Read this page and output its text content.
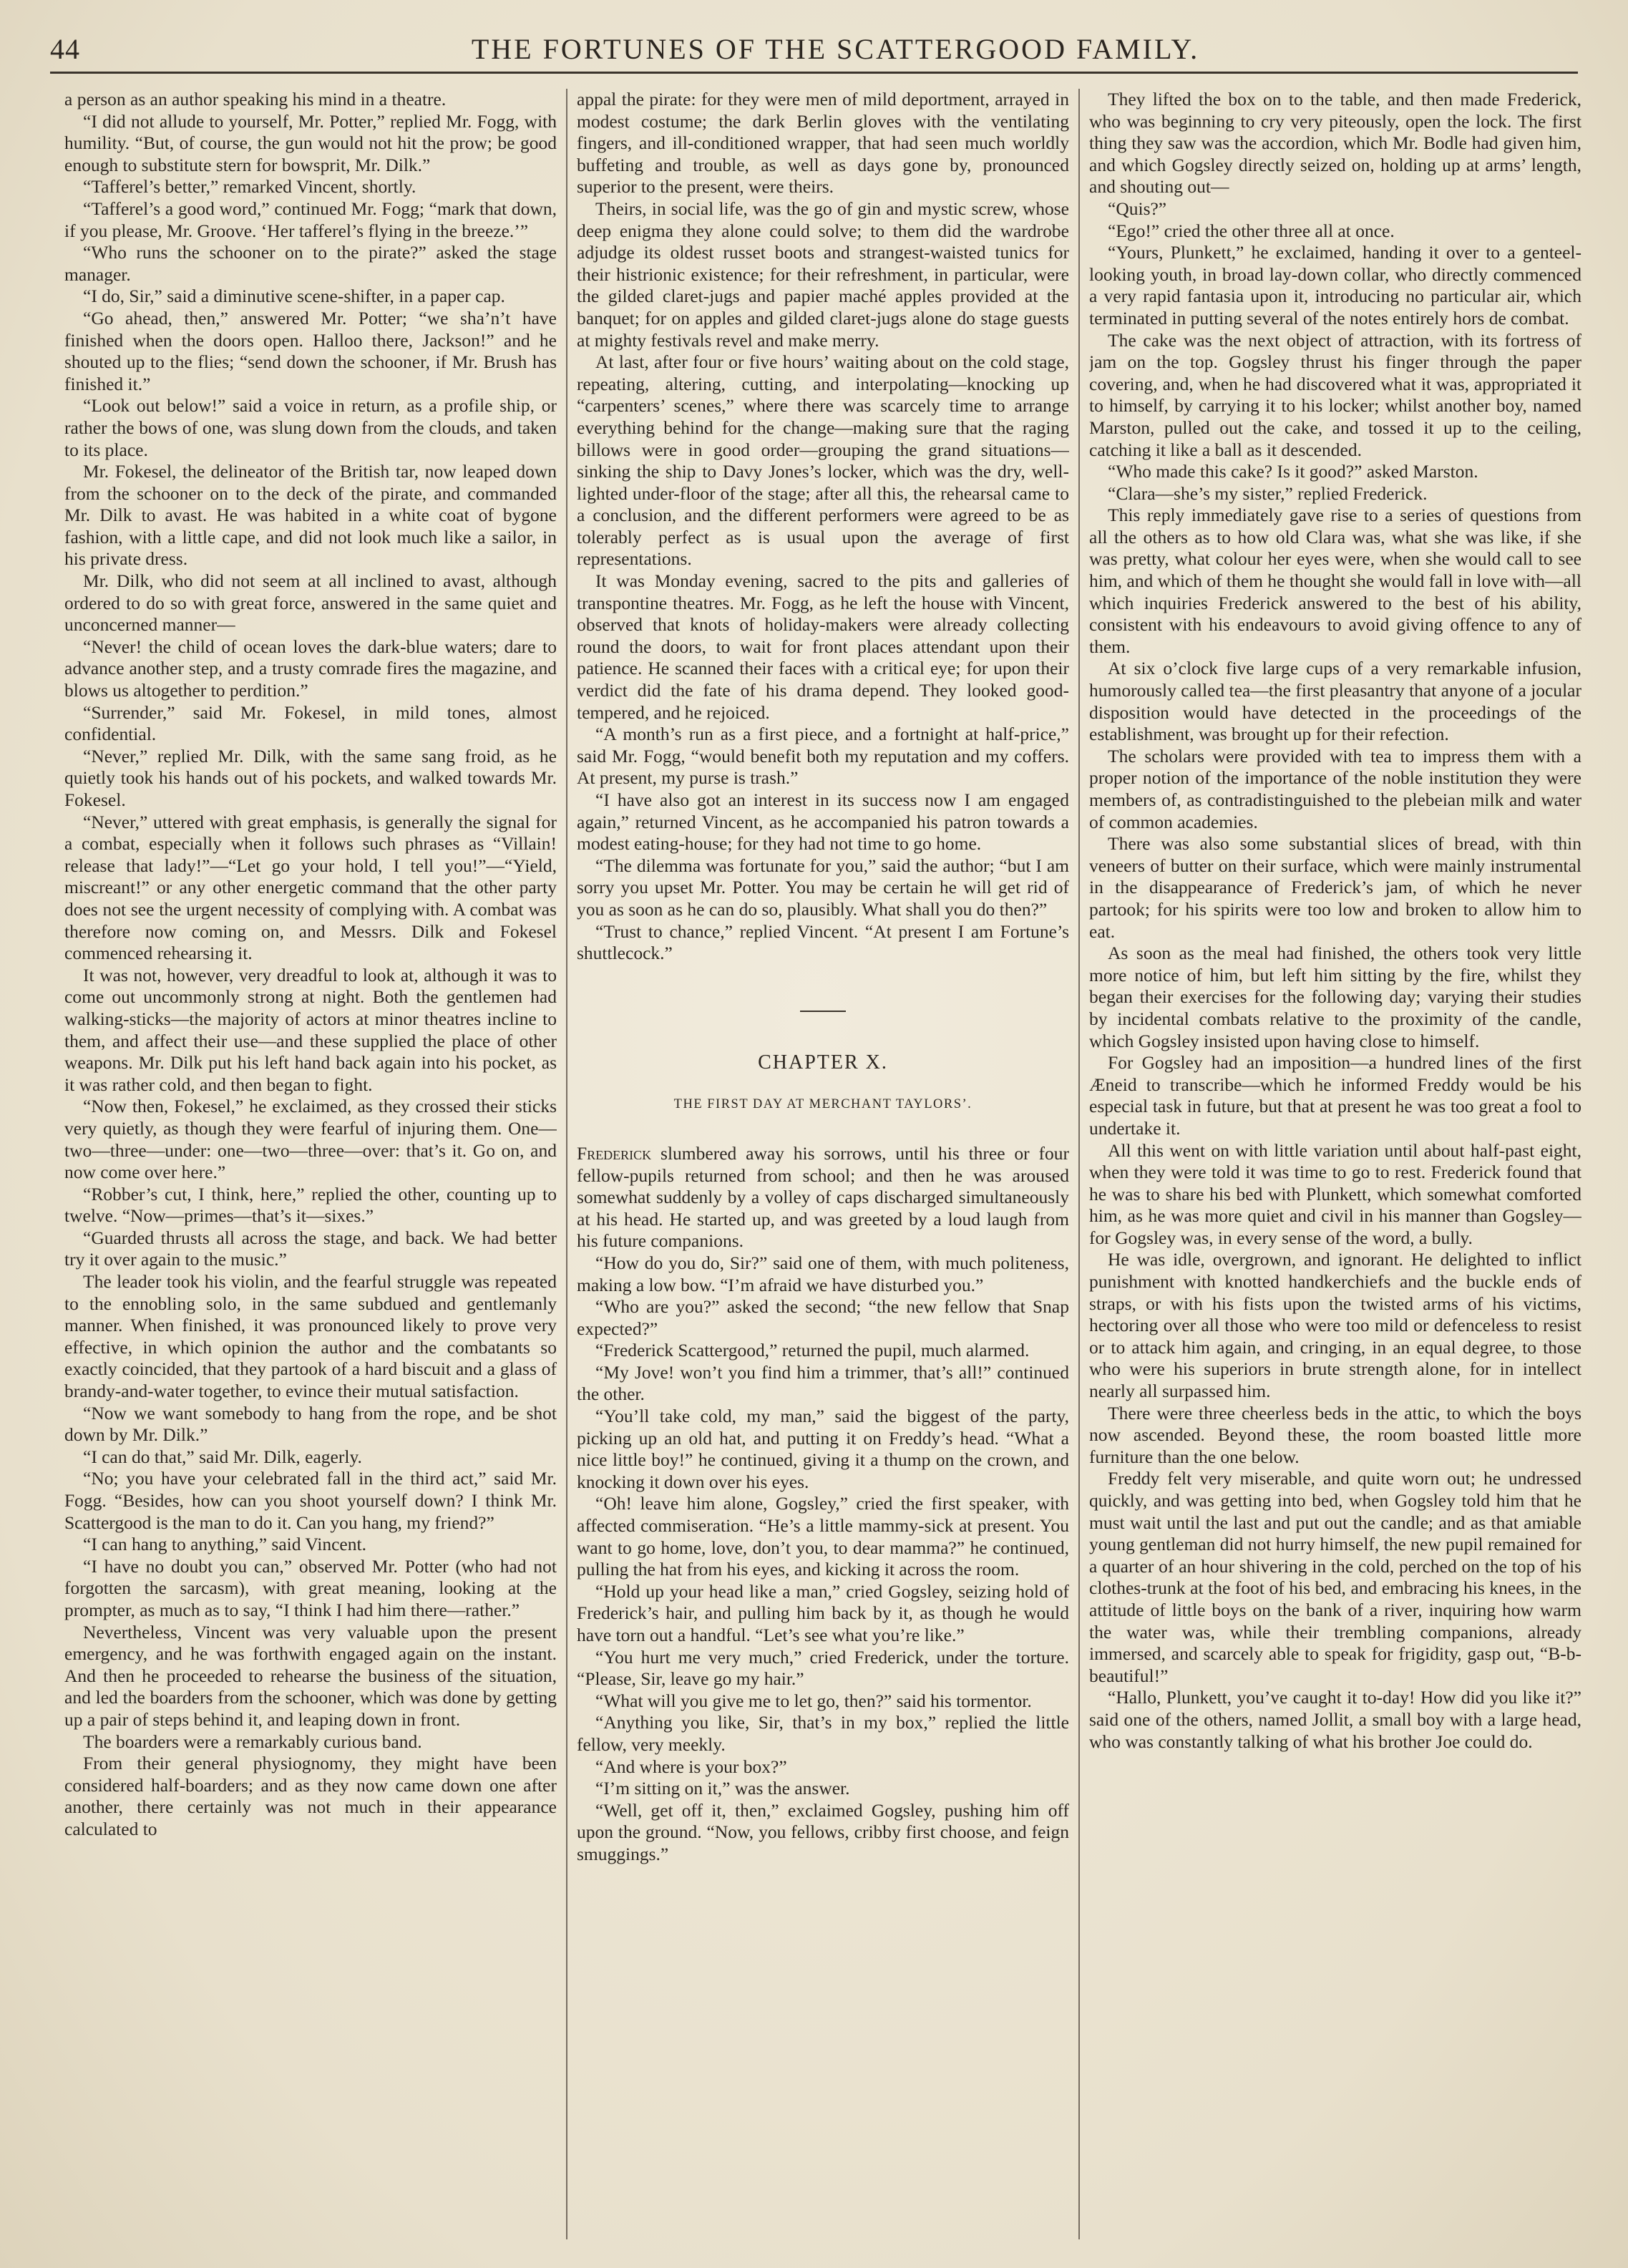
44	THE FORTUNES OF THE SCATTERGOOD FAMILY.

a person as an author speaking his mind in a theatre.

“I did not allude to yourself, Mr. Potter,” replied Mr. Fogg, with humility. “But, of course, the gun would not hit the prow; be good enough to substitute stern for bowsprit, Mr. Dilk.”

“Tafferel’s better,” remarked Vincent, shortly.

“Tafferel’s a good word,” continued Mr. Fogg; “mark that down, if you please, Mr. Groove. ‘Her tafferel’s flying in the breeze.’”

“Who runs the schooner on to the pirate?” asked the stage manager.

“I do, Sir,” said a diminutive scene-shifter, in a paper cap.

“Go ahead, then,” answered Mr. Potter; “we sha’n’t have finished when the doors open. Halloo there, Jackson!” and he shouted up to the flies; “send down the schooner, if Mr. Brush has finished it.”

“Look out below!” said a voice in return, as a profile ship, or rather the bows of one, was slung down from the clouds, and taken to its place.

Mr. Fokesel, the delineator of the British tar, now leaped down from the schooner on to the deck of the pirate, and commanded Mr. Dilk to avast. He was habited in a white coat of bygone fashion, with a little cape, and did not look much like a sailor, in his private dress.

Mr. Dilk, who did not seem at all inclined to avast, although ordered to do so with great force, answered in the same quiet and unconcerned manner—

“Never! the child of ocean loves the dark-blue waters; dare to advance another step, and a trusty comrade fires the magazine, and blows us altogether to perdition.”

“Surrender,” said Mr. Fokesel, in mild tones, almost confidential.

“Never,” replied Mr. Dilk, with the same sang froid, as he quietly took his hands out of his pockets, and walked towards Mr. Fokesel.

“Never,” uttered with great emphasis, is generally the signal for a combat, especially when it follows such phrases as “Villain! release that lady!”—“Let go your hold, I tell you!”—“Yield, miscreant!” or any other energetic command that the other party does not see the urgent necessity of complying with. A combat was therefore now coming on, and Messrs. Dilk and Fokesel commenced rehearsing it.

It was not, however, very dreadful to look at, although it was to come out uncommonly strong at night. Both the gentlemen had walking-sticks—the majority of actors at minor theatres incline to them, and affect their use—and these supplied the place of other weapons. Mr. Dilk put his left hand back again into his pocket, as it was rather cold, and then began to fight.

“Now then, Fokesel,” he exclaimed, as they crossed their sticks very quietly, as though they were fearful of injuring them. One—two—three—under: one—two—three—over: that’s it. Go on, and now come over here.”

“Robber’s cut, I think, here,” replied the other, counting up to twelve. “Now—primes—that’s it—sixes.”

“Guarded thrusts all across the stage, and back. We had better try it over again to the music.”

The leader took his violin, and the fearful struggle was repeated to the ennobling solo, in the same subdued and gentlemanly manner. When finished, it was pronounced likely to prove very effective, in which opinion the author and the combatants so exactly coincided, that they partook of a hard biscuit and a glass of brandy-and-water together, to evince their mutual satisfaction.

“Now we want somebody to hang from the rope, and be shot down by Mr. Dilk.”

“I can do that,” said Mr. Dilk, eagerly.

“No; you have your celebrated fall in the third act,” said Mr. Fogg. “Besides, how can you shoot yourself down? I think Mr. Scattergood is the man to do it. Can you hang, my friend?”

“I can hang to anything,” said Vincent.

“I have no doubt you can,” observed Mr. Potter (who had not forgotten the sarcasm), with great meaning, looking at the prompter, as much as to say, “I think I had him there—rather.”

Nevertheless, Vincent was very valuable upon the present emergency, and he was forthwith engaged again on the instant. And then he proceeded to rehearse the business of the situation, and led the boarders from the schooner, which was done by getting up a pair of steps behind it, and leaping down in front.

The boarders were a remarkably curious band.

From their general physiognomy, they might have been considered half-boarders; and as they now came down one after another, there certainly was not much in their appearance calculated to

appal the pirate: for they were men of mild deportment, arrayed in modest costume; the dark Berlin gloves with the ventilating fingers, and ill-conditioned wrapper, that had seen much worldly buffeting and trouble, as well as days gone by, pronounced superior to the present, were theirs.

Theirs, in social life, was the go of gin and mystic screw, whose deep enigma they alone could solve; to them did the wardrobe adjudge its oldest russet boots and strangest-waisted tunics for their histrionic existence; for their refreshment, in particular, were the gilded claret-jugs and papier maché apples provided at the banquet; for on apples and gilded claret-jugs alone do stage guests at mighty festivals revel and make merry.

At last, after four or five hours’ waiting about on the cold stage, repeating, altering, cutting, and interpolating—knocking up “carpenters’ scenes,” where there was scarcely time to arrange everything behind for the change—making sure that the raging billows were in good order—grouping the grand situations—sinking the ship to Davy Jones’s locker, which was the dry, well-lighted under-floor of the stage; after all this, the rehearsal came to a conclusion, and the different performers were agreed to be as tolerably perfect as is usual upon the average of first representations.

It was Monday evening, sacred to the pits and galleries of transpontine theatres. Mr. Fogg, as he left the house with Vincent, observed that knots of holiday-makers were already collecting round the doors, to wait for front places attendant upon their patience. He scanned their faces with a critical eye; for upon their verdict did the fate of his drama depend. They looked good-tempered, and he rejoiced.

“A month’s run as a first piece, and a fortnight at half-price,” said Mr. Fogg, “would benefit both my reputation and my coffers. At present, my purse is trash.”

“I have also got an interest in its success now I am engaged again,” returned Vincent, as he accompanied his patron towards a modest eating-house; for they had not time to go home.

“The dilemma was fortunate for you,” said the author; “but I am sorry you upset Mr. Potter. You may be certain he will get rid of you as soon as he can do so, plausibly. What shall you do then?”

“Trust to chance,” replied Vincent. “At present I am Fortune’s shuttlecock.”

CHAPTER X.
THE FIRST DAY AT MERCHANT TAYLORS’.

Frederick slumbered away his sorrows, until his three or four fellow-pupils returned from school; and then he was aroused somewhat suddenly by a volley of caps discharged simultaneously at his head. He started up, and was greeted by a loud laugh from his future companions.

“How do you do, Sir?” said one of them, with much politeness, making a low bow. “I’m afraid we have disturbed you.”

“Who are you?” asked the second; “the new fellow that Snap expected?”

“Frederick Scattergood,” returned the pupil, much alarmed.

“My Jove! won’t you find him a trimmer, that’s all!” continued the other.

“You’ll take cold, my man,” said the biggest of the party, picking up an old hat, and putting it on Freddy’s head. “What a nice little boy!” he continued, giving it a thump on the crown, and knocking it down over his eyes.

“Oh! leave him alone, Gogsley,” cried the first speaker, with affected commiseration. “He’s a little mammy-sick at present. You want to go home, love, don’t you, to dear mamma?” he continued, pulling the hat from his eyes, and kicking it across the room.

“Hold up your head like a man,” cried Gogsley, seizing hold of Frederick’s hair, and pulling him back by it, as though he would have torn out a handful. “Let’s see what you’re like.”

“You hurt me very much,” cried Frederick, under the torture. “Please, Sir, leave go my hair.”

“What will you give me to let go, then?” said his tormentor.

“Anything you like, Sir, that’s in my box,” replied the little fellow, very meekly.

“And where is your box?”

“I’m sitting on it,” was the answer.

“Well, get off it, then,” exclaimed Gogsley, pushing him off upon the ground. “Now, you fellows, cribby first choose, and feign smuggings.”

They lifted the box on to the table, and then made Frederick, who was beginning to cry very piteously, open the lock. The first thing they saw was the accordion, which Mr. Bodle had given him, and which Gogsley directly seized on, holding up at arms’ length, and shouting out—

“Quis?”

“Ego!” cried the other three all at once.

“Yours, Plunkett,” he exclaimed, handing it over to a genteel-looking youth, in broad lay-down collar, who directly commenced a very rapid fantasia upon it, introducing no particular air, which terminated in putting several of the notes entirely hors de combat.

The cake was the next object of attraction, with its fortress of jam on the top. Gogsley thrust his finger through the paper covering, and, when he had discovered what it was, appropriated it to himself, by carrying it to his locker; whilst another boy, named Marston, pulled out the cake, and tossed it up to the ceiling, catching it like a ball as it descended.

“Who made this cake? Is it good?” asked Marston.

“Clara—she’s my sister,” replied Frederick.

This reply immediately gave rise to a series of questions from all the others as to how old Clara was, what she was like, if she was pretty, what colour her eyes were, when she would call to see him, and which of them he thought she would fall in love with—all which inquiries Frederick answered to the best of his ability, consistent with his endeavours to avoid giving offence to any of them.

At six o’clock five large cups of a very remarkable infusion, humorously called tea—the first pleasantry that anyone of a jocular disposition would have detected in the proceedings of the establishment, was brought up for their refection.

The scholars were provided with tea to impress them with a proper notion of the importance of the noble institution they were members of, as contradistinguished to the plebeian milk and water of common academies.

There was also some substantial slices of bread, with thin veneers of butter on their surface, which were mainly instrumental in the disappearance of Frederick’s jam, of which he never partook; for his spirits were too low and broken to allow him to eat.

As soon as the meal had finished, the others took very little more notice of him, but left him sitting by the fire, whilst they began their exercises for the following day; varying their studies by incidental combats relative to the proximity of the candle, which Gogsley insisted upon having close to himself.

For Gogsley had an imposition—a hundred lines of the first Æneid to transcribe—which he informed Freddy would be his especial task in future, but that at present he was too great a fool to undertake it.

All this went on with little variation until about half-past eight, when they were told it was time to go to rest. Frederick found that he was to share his bed with Plunkett, which somewhat comforted him, as he was more quiet and civil in his manner than Gogsley—for Gogsley was, in every sense of the word, a bully.

He was idle, overgrown, and ignorant. He delighted to inflict punishment with knotted handkerchiefs and the buckle ends of straps, or with his fists upon the twisted arms of his victims, hectoring over all those who were too mild or defenceless to resist or to attack him again, and cringing, in an equal degree, to those who were his superiors in brute strength alone, for in intellect nearly all surpassed him.

There were three cheerless beds in the attic, to which the boys now ascended. Beyond these, the room boasted little more furniture than the one below.

Freddy felt very miserable, and quite worn out; he undressed quickly, and was getting into bed, when Gogsley told him that he must wait until the last and put out the candle; and as that amiable young gentleman did not hurry himself, the new pupil remained for a quarter of an hour shivering in the cold, perched on the top of his clothes-trunk at the foot of his bed, and embracing his knees, in the attitude of little boys on the bank of a river, inquiring how warm the water was, while their trembling companions, already immersed, and scarcely able to speak for frigidity, gasp out, “B-b-beautiful!”

“Hallo, Plunkett, you’ve caught it to-day! How did you like it?” said one of the others, named Jollit, a small boy with a large head, who was constantly talking of what his brother Joe could do.
